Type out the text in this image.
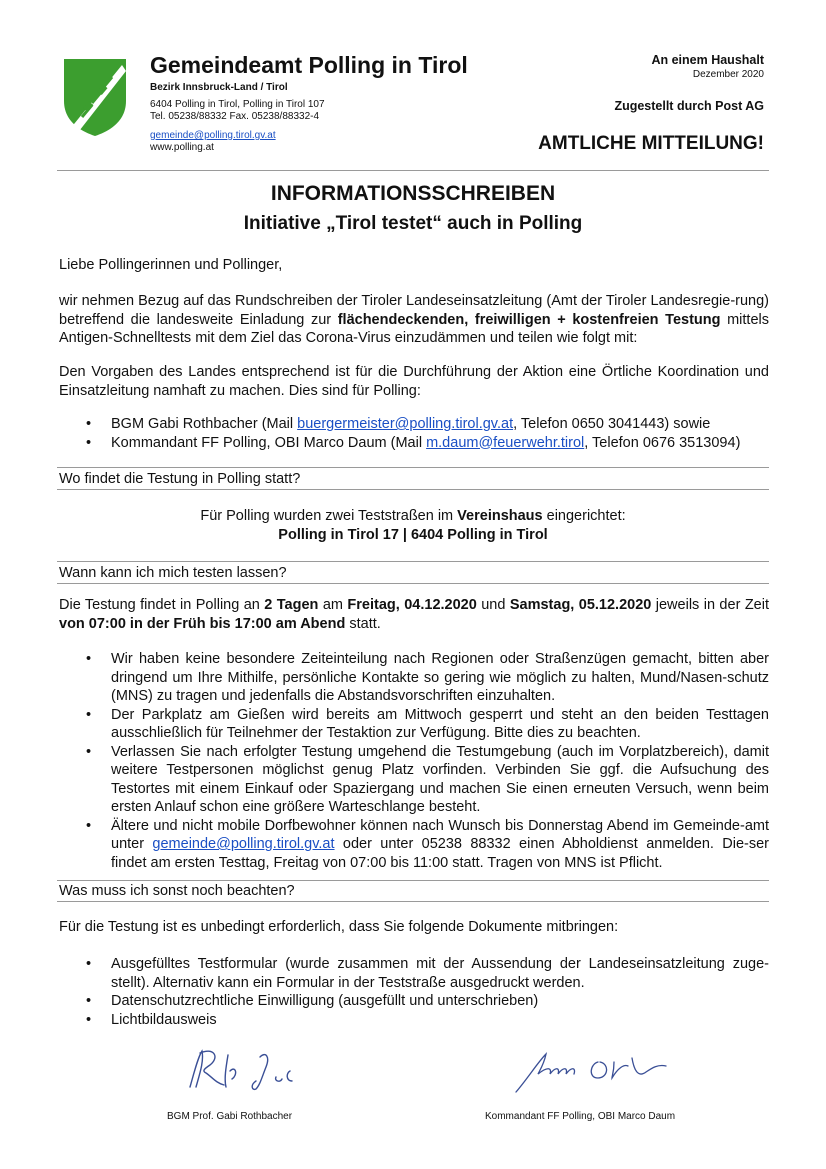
Gemeindeamt Polling in Tirol
Bezirk Innsbruck-Land / Tirol
6404 Polling in Tirol, Polling in Tirol 107
Tel. 05238/88332 Fax. 05238/88332-4
gemeinde@polling.tirol.gv.at
www.polling.at
An einem Haushalt
Dezember 2020
Zugestellt durch Post AG
AMTLICHE MITTEILUNG!
INFORMATIONSSCHREIBEN
Initiative „Tirol testet“ auch in Polling
Liebe Pollingerinnen und Pollinger,
wir nehmen Bezug auf das Rundschreiben der Tiroler Landeseinsatzleitung (Amt der Tiroler Landesregie-rung) betreffend die landesweite Einladung zur flächendeckenden, freiwilligen + kostenfreien Testung mittels Antigen-Schnelltests mit dem Ziel das Corona-Virus einzudämmen und teilen wie folgt mit:
Den Vorgaben des Landes entsprechend ist für die Durchführung der Aktion eine Örtliche Koordination und Einsatzleitung namhaft zu machen. Dies sind für Polling:
• BGM Gabi Rothbacher (Mail buergermeister@polling.tirol.gv.at, Telefon 0650 3041443) sowie
• Kommandant FF Polling, OBI Marco Daum (Mail m.daum@feuerwehr.tirol, Telefon 0676 3513094)
Wo findet die Testung in Polling statt?
Für Polling wurden zwei Teststraßen im Vereinshaus eingerichtet:
Polling in Tirol 17 | 6404 Polling in Tirol
Wann kann ich mich testen lassen?
Die Testung findet in Polling an 2 Tagen am Freitag, 04.12.2020 und Samstag, 05.12.2020 jeweils in der Zeit von 07:00 in der Früh bis 17:00 am Abend statt.
• Wir haben keine besondere Zeiteinteilung nach Regionen oder Straßenzügen gemacht, bitten aber dringend um Ihre Mithilfe, persönliche Kontakte so gering wie möglich zu halten, Mund/Nasen-schutz (MNS) zu tragen und jedenfalls die Abstandsvorschriften einzuhalten.
• Der Parkplatz am Gießen wird bereits am Mittwoch gesperrt und steht an den beiden Testtagen ausschließlich für Teilnehmer der Testaktion zur Verfügung. Bitte dies zu beachten.
• Verlassen Sie nach erfolgter Testung umgehend die Testumgebung (auch im Vorplatzbereich), damit weitere Testpersonen möglichst genug Platz vorfinden. Verbinden Sie ggf. die Aufsuchung des Testortes mit einem Einkauf oder Spaziergang und machen Sie einen erneuten Versuch, wenn beim ersten Anlauf schon eine größere Warteschlange besteht.
• Ältere und nicht mobile Dorfbewohner können nach Wunsch bis Donnerstag Abend im Gemeinde-amt unter gemeinde@polling.tirol.gv.at oder unter 05238 88332 einen Abholdienst anmelden. Die-ser findet am ersten Testtag, Freitag von 07:00 bis 11:00 statt. Tragen von MNS ist Pflicht.
Was muss ich sonst noch beachten?
Für die Testung ist es unbedingt erforderlich, dass Sie folgende Dokumente mitbringen:
• Ausgefülltes Testformular (wurde zusammen mit der Aussendung der Landeseinsatzleitung zuge-stellt). Alternativ kann ein Formular in der Teststraße ausgedruckt werden.
• Datenschutzrechtliche Einwilligung (ausgefüllt und unterschrieben)
• Lichtbildausweis
BGM Prof. Gabi Rothbacher	Kommandant FF Polling, OBI Marco Daum
